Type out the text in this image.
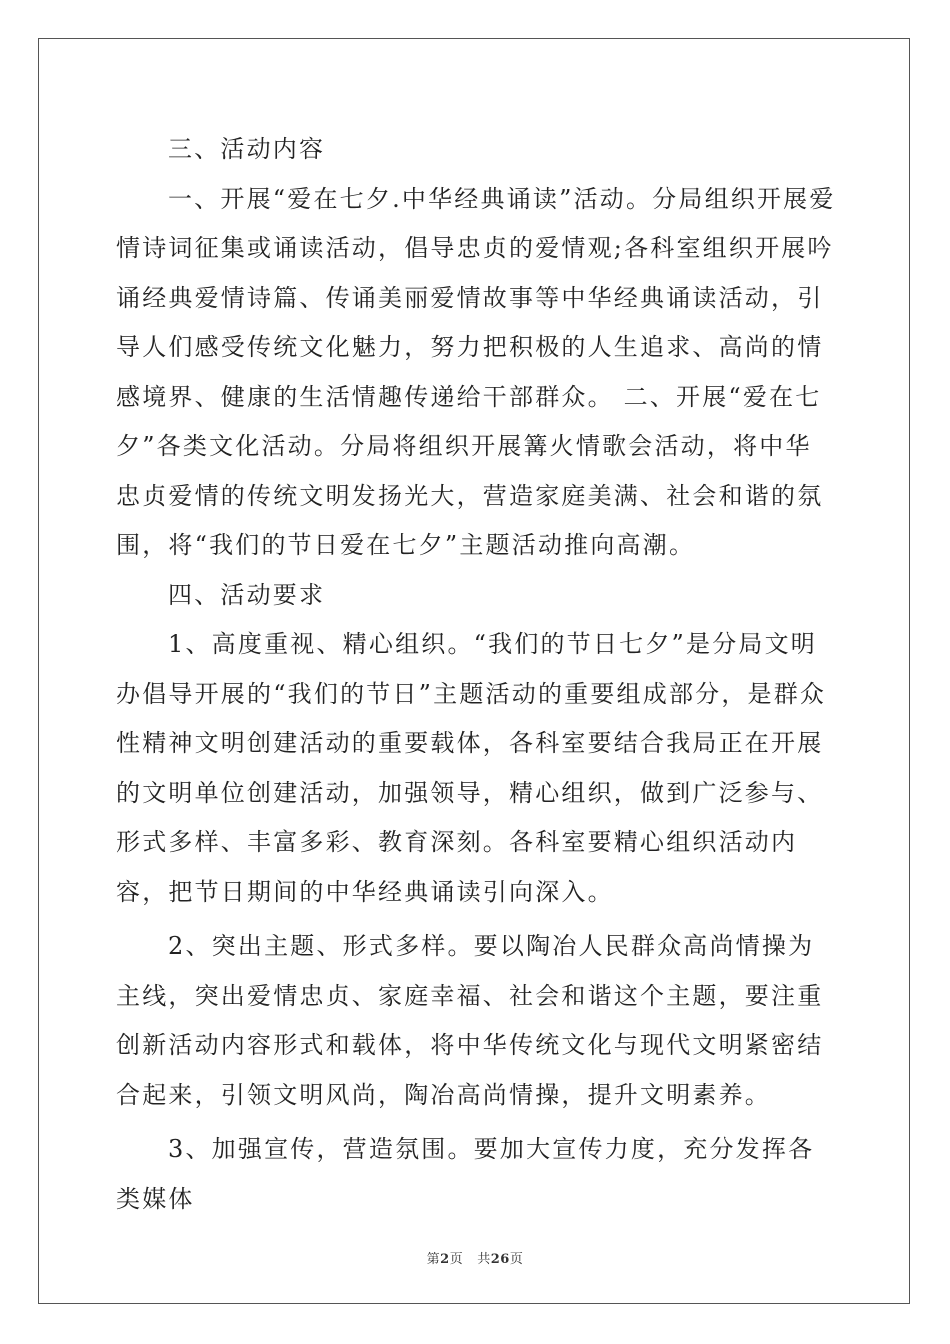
三、活动内容

一、开展“爱在七夕.中华经典诵读”活动。分局组织开展爱情诗词征集或诵读活动，倡导忠贞的爱情观;各科室组织开展吟诵经典爱情诗篇、传诵美丽爱情故事等中华经典诵读活动，引导人们感受传统文化魅力，努力把积极的人生追求、高尚的情感境界、健康的生活情趣传递给干部群众。 二、开展“爱在七夕”各类文化活动。分局将组织开展篝火情歌会活动，将中华忠贞爱情的传统文明发扬光大，营造家庭美满、社会和谐的氛围，将“我们的节日爱在七夕”主题活动推向高潮。

四、活动要求

1、高度重视、精心组织。“我们的节日七夕”是分局文明办倡导开展的“我们的节日”主题活动的重要组成部分，是群众性精神文明创建活动的重要载体，各科室要结合我局正在开展的文明单位创建活动，加强领导，精心组织，做到广泛参与、形式多样、丰富多彩、教育深刻。各科室要精心组织活动内容，把节日期间的中华经典诵读引向深入。

2、突出主题、形式多样。要以陶冶人民群众高尚情操为主线，突出爱情忠贞、家庭幸福、社会和谐这个主题，要注重创新活动内容形式和载体，将中华传统文化与现代文明紧密结合起来，引领文明风尚，陶冶高尚情操，提升文明素养。

3、加强宣传，营造氛围。要加大宣传力度，充分发挥各类媒体

第2页 共26页
